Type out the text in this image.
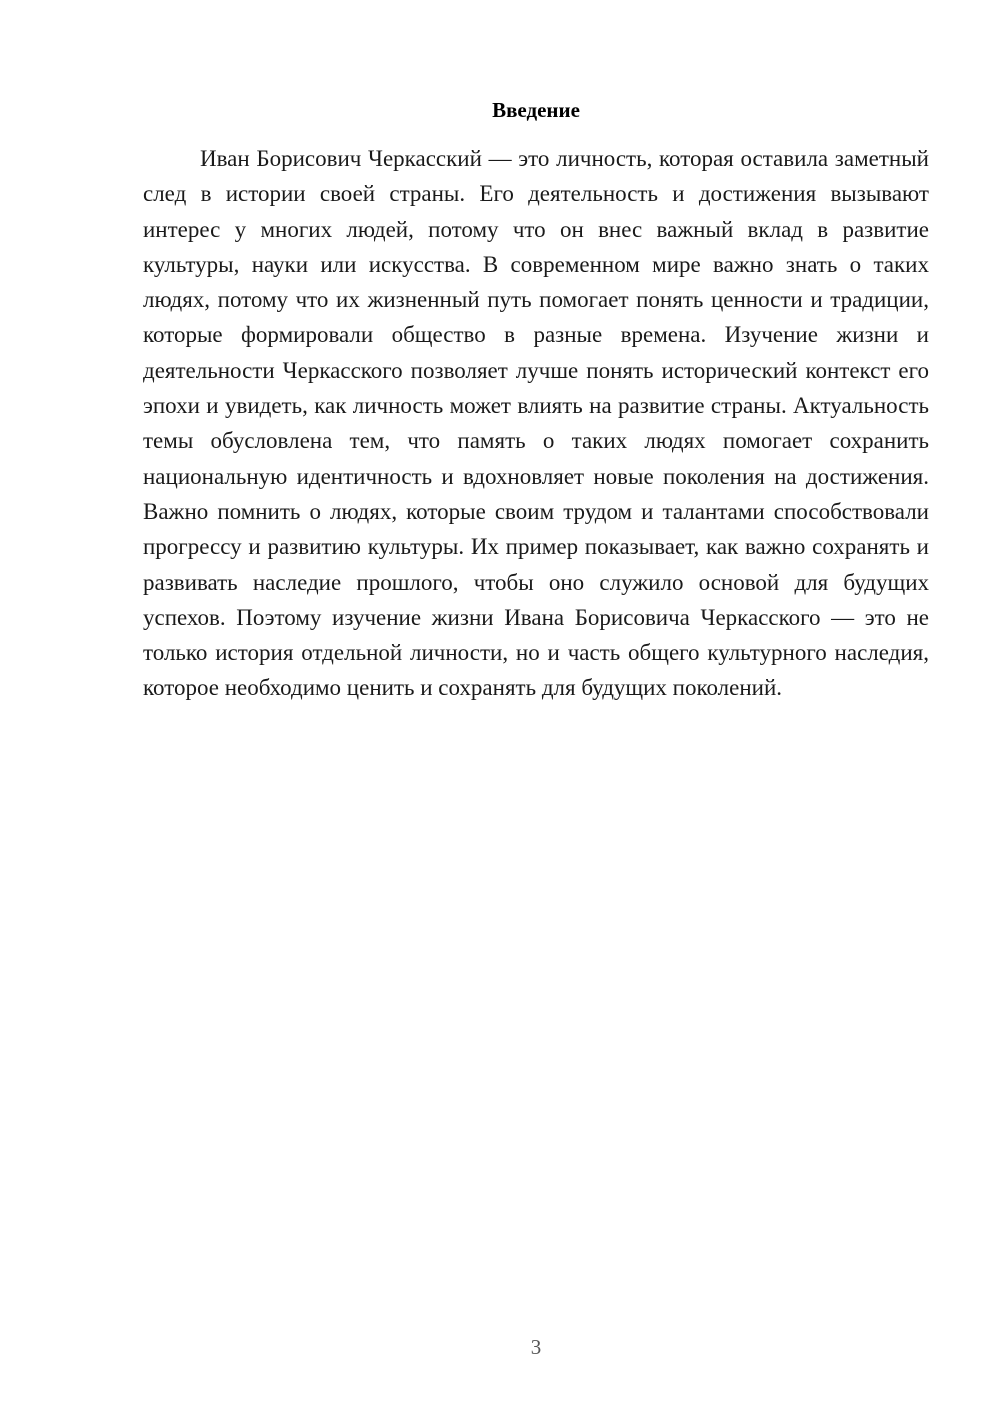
Введение

Иван Борисович Черкасский — это личность, которая оставила заметный след в истории своей страны. Его деятельность и достижения вызывают интерес у многих людей, потому что он внес важный вклад в развитие культуры, науки или искусства. В современном мире важно знать о таких людях, потому что их жизненный путь помогает понять ценности и традиции, которые формировали общество в разные времена. Изучение жизни и деятельности Черкасского позволяет лучше понять исторический контекст его эпохи и увидеть, как личность может влиять на развитие страны. Актуальность темы обусловлена тем, что память о таких людях помогает сохранить национальную идентичность и вдохновляет новые поколения на достижения. Важно помнить о людях, которые своим трудом и талантами способствовали прогрессу и развитию культуры. Их пример показывает, как важно сохранять и развивать наследие прошлого, чтобы оно служило основой для будущих успехов. Поэтому изучение жизни Ивана Борисовича Черкасского — это не только история отдельной личности, но и часть общего культурного наследия, которое необходимо ценить и сохранять для будущих поколений.

3
